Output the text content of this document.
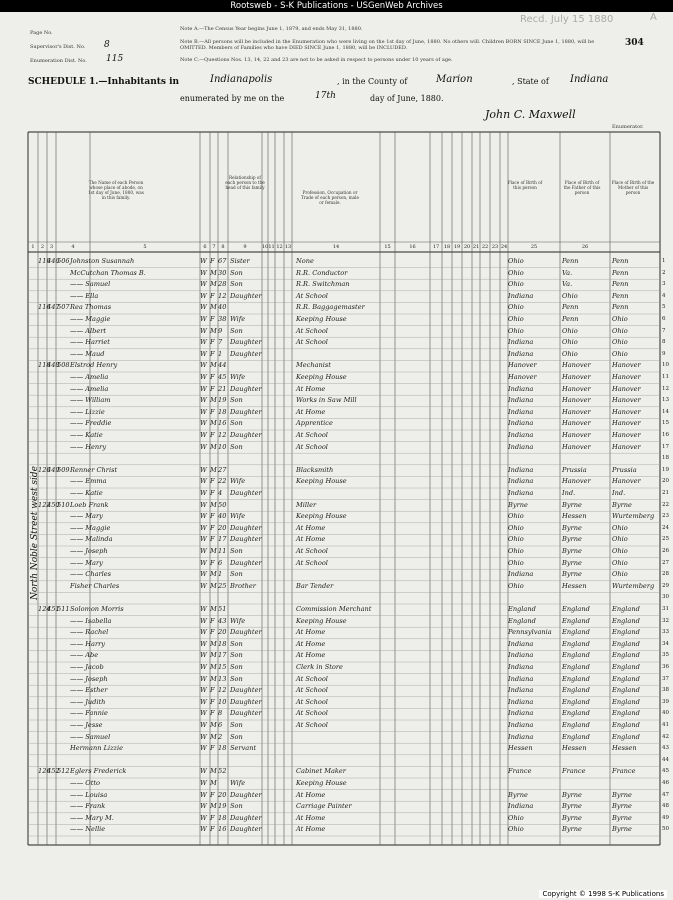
Rootsweb - S-K Publications - USGenWeb Archives
Recd. July 15 1880	A
Page No.
Supervisor's Dist. No. 8
Enumeration Dist. No. 115
Note A.—The Census Year begins June 1, 1879, and ends May 31, 1880.
Note B.—All persons will be included in the Enumeration who were living on the 1st day of June, 1880. No others will. Children BORN SINCE June 1, 1880, will be OMITTED. Members of Families who have DIED SINCE June 1, 1880, will be INCLUDED.
Note C.—Questions Nos. 13, 14, 22 and 23 are not to be asked in respect to persons under 10 years of age.
304
SCHEDULE 1.—Inhabitants in	Indianapolis	, in the County of	Marion	, State of Indiana
enumerated by me on the	17th	day of June, 1880.
John C. Maxwell
Enumerator.
The Name of each Person whose place of abode, on 1st day of June, 1880, was in this family.
Relationship of each person to the head of this family
Profession, Occupation or Trade of each person, male or female.
Place of Birth of this person
Place of Birth of the Father of this person
Place of Birth of the Mother of this person
1	2	3	4	5	6	7	8	9	10 11 12 13	14	15	16	17 18 19 20 21 22 23 24	25	26
North Noble Street west side
119
446
506 Johnston Susannah	W F 67 Sister	None	Ohio	Penn	Penn	1
McCutchan Thomas B.	W M 30 Son	R.R. Conductor	Ohio	Va.	Penn	2
—— Samuel	W M 28 Son	R.R. Switchman	Ohio	Va.	Penn	3
—— Ella	W F 12 Daughter	At School	Indiana	Ohio	Penn	4
116
447
507 Rea Thomas	W M 40	R.R. Baggagemaster	Ohio	Penn	Penn	5
—— Maggie	W F 38 Wife	Keeping House	Ohio	Penn	Ohio	6
—— Albert	W M 9	Son	At School	Ohio	Ohio	Ohio	7
—— Harriet	W F 7	Daughter	At School	Indiana	Ohio	Ohio	8
—— Maud	W F 1	Daughter	Indiana	Ohio	Ohio	9
118
448
508 Elstrod Henry	W M 44	Mechanist	Hanover	Hanover	Hanover	10
—— Amelia	W F 45 Wife	Keeping House	Hanover	Hanover	Hanover	11
—— Amelia	W F 21 Daughter	At Home	Indiana	Hanover	Hanover	12
—— William	W M 19 Son	Works in Saw Mill	Indiana	Hanover	Hanover	13
—— Lizzie	W F 18 Daughter	At Home	Indiana	Hanover	Hanover	14
—— Freddie	W M 16 Son	Apprentice	Indiana	Hanover	Hanover	15
—— Katie	W F 12 Daughter	At School	Indiana	Hanover	Hanover	16
—— Henry	W M 10 Son	At School	Indiana	Hanover	Hanover	17
18
120
449
509 Renner Christ	W M 27	Blacksmith	Indiana	Prussia	Prussia	19
—— Emma	W F 22 Wife	Keeping House	Indiana	Hanover	Hanover	20
—— Katie	W F 4	Daughter	Indiana	Ind.	Ind.	21
122
450
510 Loeb Frank	W M 50	Miller	Byrne	Byrne	Byrne	22
—— Mary	W F 40 Wife	Keeping House	Ohio	Hessen	Wurtemberg	23
—— Maggie	W F 20 Daughter	At Home	Ohio	Byrne	Ohio	24
—— Malinda	W F 17 Daughter	At Home	Ohio	Byrne	Ohio	25
—— Joseph	W M 11 Son	At School	Ohio	Byrne	Ohio	26
—— Mary	W F 6	Daughter	At School	Ohio	Byrne	Ohio	27
—— Charles	W M 1	Son	Indiana	Byrne	Ohio	28
Fisher Charles	W M 25 Brother	Bar Tender	Ohio	Hessen	Wurtemberg	29
30
124
451
511 Solomon Morris	W M 51	Commission Merchant	England	England	England	31
—— Isabella	W F 43 Wife	Keeping House	England	England	England	32
—— Rachel	W F 20 Daughter	At Home	Pennsylvania	England	England	33
—— Harry	W M 18 Son	At Home	Indiana	England	England	34
—— Abe	W M 17 Son	At Home	Indiana	England	England	35
—— Jacob	W M 15 Son	Clerk in Store	Indiana	England	England	36
—— Joseph	W M 13 Son	At School	Indiana	England	England	37
—— Esther	W F 12 Daughter	At School	Indiana	England	England	38
—— Judith	W F 10 Daughter	At School	Indiana	England	England	39
—— Fannie	W F 8	Daughter	At School	Indiana	England	England	40
—— Jesse	W M 6	Son	At School	Indiana	England	England	41
—— Samuel	W M 2	Son	Indiana	England	England	42
Hermann Lizzie	W F 18 Servant	Hessen	Hessen	Hessen	43
44
126
452
512 Eglers Frederick	W M 52	Cabinet Maker	France	France	France	45
—— Otto	W M Wife	Keeping House	46
—— Louisa	W F 20 Daughter	At Home	Byrne	Byrne	Byrne	47
—— Frank	W M 19 Son	Carriage Painter	Indiana	Byrne	Byrne	48
—— Mary M.	W F 18 Daughter	At Home	Ohio	Byrne	Byrne	49
—— Nellie	W F 16 Daughter	At Home	Ohio	Byrne	Byrne	50
Copyright © 1998 S-K Publications
